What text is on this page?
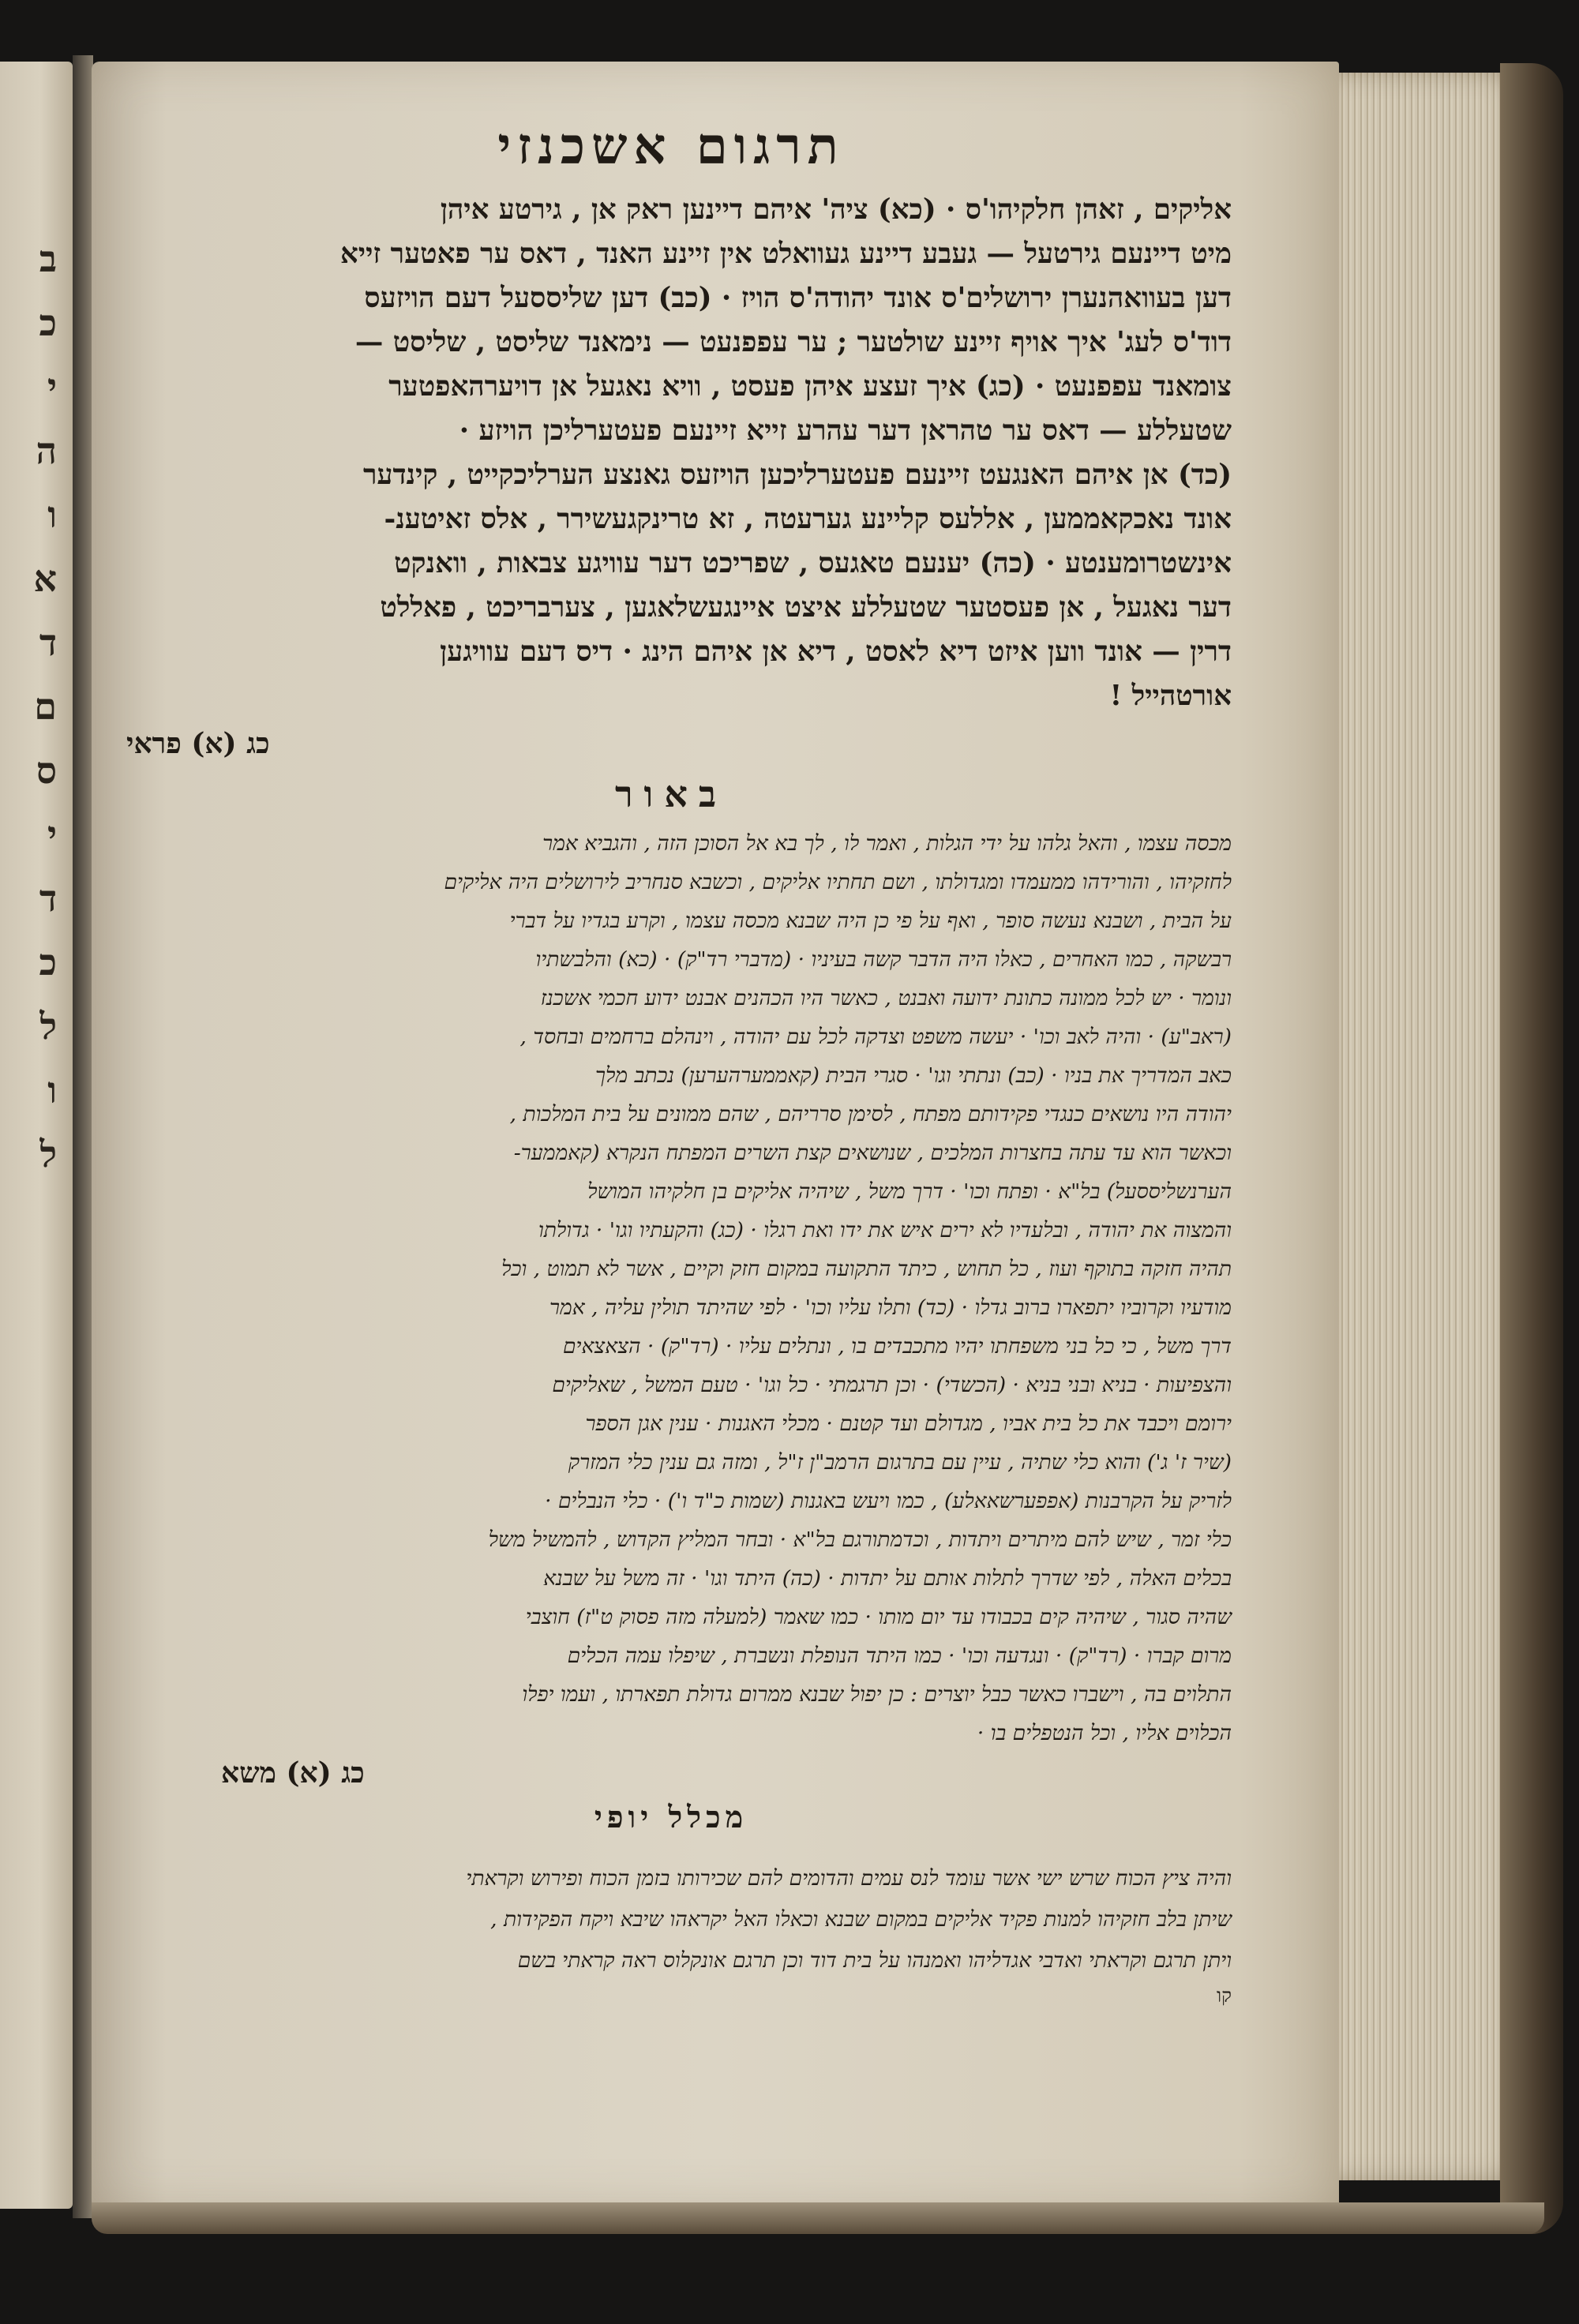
ב
כ
י
ה
ו
א
ד
ם
ס
י
ד
כ
ל
ו
ל
תרגום אשכנזי

אליקים , זאהן חלקיהו'ס · (כא) ציה' איהם דיינען ראק אן , גירטע איהן

מיט דיינעם גירטעל — געבע דיינע געוואלט אין זיינע האנד , דאס ער פאטער זייא

דען בעוואהנערן ירושלים'ס אונד יהודה'ס הויז · (כב) דען שליססעל דעם הויזעס

דוד'ס לעג' איך אויף זיינע שולטער ; ער עפפנעט — נימאנד שליסט , שליסט —

צומאנד עפפנעט · (כג) איך זעצע איהן פעסט , וויא נאגעל אן דויערהאפטער

שטעללע — דאס ער טהראן דער עהרע זייא זיינעם פעטערליכן הויזע ·

(כד) אן איהם האנגעט זיינעם פעטערליכען הויזעס גאנצע הערליכקייט , קינדער

אונד נאכקאממען , אללעס קליינע גערעטה , זא טרינקגעשירר , אלס זאיטענ-

אינשטרומענטע · (כה) יענעם טאגעס , שפריכט דער עוויגע צבאות , וואנקט

דער נאגעל , אן פעסטער שטעללע איצט איינגעשלאגען , צערבריכט , פאללט

דרין — אונד ווען איזט דיא לאסט , דיא אן איהם הינג · דיס דעם עוויגען

אורטהייל !

כג (א) פראי
באור

מכסה עצמו , והאל גלהו על ידי הגלות , ואמר לו , לך בא אל הסוכן הזה , והגביא אמר

לחזקיהו , והורידהו ממעמדו ומגדולתו , ושם תחתיו אליקים , וכשבא סנחריב לירושלים היה אליקים

על הבית , ושבנא נעשה סופר , ואף על פי כן היה שבנא מכסה עצמו , וקרע בגדיו על דברי

רבשקה , כמו האחרים , כאלו היה הדבר קשה בעיניו · (מדברי רד"ק) · (כא) והלבשתיו

ונומר · יש לכל ממונה כתונת ידועה ואבנט , כאשר היו הכהנים אבנט ידוע חכמי אשכנז

(ראב"ע) · והיה לאב וכו' · יעשה משפט וצדקה לכל עם יהודה , וינהלם ברחמים ובחסד ,

כאב המדריך את בניו · (כב) ונתתי וגו' · סגרי הבית (קאממערהערען) נכתב מלך

יהודה היו נושאים כנגדי פקידותם מפתח , לסימן סרריהם , שהם ממונים על בית המלכות ,

וכאשר הוא עד עתה בחצרות המלכים , שנושאים קצת השרים המפתח הנקרא (קאממער-

הערנשליססעל) בל"א · ופתח וכו' · דרך משל , שיהיה אליקים בן חלקיהו המושל

והמצוה את יהודה , ובלעדיו לא ירים איש את ידו ואת רגלו · (כג) והקעתיו וגו' · גדולתו

תהיה חזקה בתוקף ועוז , כל תחוש , כיתד התקועה במקום חזק וקיים , אשר לא תמוט , וכל

מודעיו וקרוביו יתפארו ברוב גדלו · (כד) ותלו עליו וכו' · לפי שהיתד תולין עליה , אמר

דרך משל , כי כל בני משפחתו יהיו מתכבדים בו , ונתלים עליו · (רד"ק) · הצאצאים

והצפיעות · בניא ובני בניא · (הכשדי) · וכן תרגמתי · כל וגו' · טעם המשל , שאליקים

ירומם ויכבד את כל בית אביו , מגדולם ועד קטנם · מכלי האגנות · ענין אגן הספר

(שיר ז' ג') והוא כלי שתיה , עיין עם בתרגום הרמב"ן ז"ל , ומזה גם ענין כלי המזרק

לזריק על הקרבנות (אפפערשאאלע) , כמו ויעש באגנות (שמות כ"ד ו') · כלי הנבלים ·

כלי זמר , שיש להם מיתרים ויתדות , וכדמתורגם בל"א · ובחר המליץ הקדוש , להמשיל משל

בכלים האלה , לפי שדרך לתלות אותם על יתדות · (כה) היתד וגו' · זה משל על שבנא

שהיה סגור , שיהיה קים בכבודו עד יום מותו · כמו שאמר (למעלה מזה פסוק ט"ז) חוצבי

מרום קברו · (רד"ק) · ונגדעה וכו' · כמו היתד הנופלת ונשברת , שיפלו עמה הכלים

התלוים בה , וישברו כאשר כבל יוצרים : כן יפול שבנא ממרום גדולת תפארתו , ועמו יפלו

הכלוים אליו , וכל הנטפלים בו ·

כג (א) משא
מכלל יופי

והיה ציץ הכוח שרש ישי אשר עומד לנס עמים והדומים להם שכירותו בזמן הכוח ופירוש וקראתי

שיתן בלב חזקיהו למנות פקיד אליקים במקום שבנא וכאלו האל יקראהו שיבא ויקח הפקידות ,

ויתן תרגם וקראתי ואדבי אגדליהו ואמנהו על בית דוד וכן תרגם אונקלוס ראה קראתי בשם

קו
